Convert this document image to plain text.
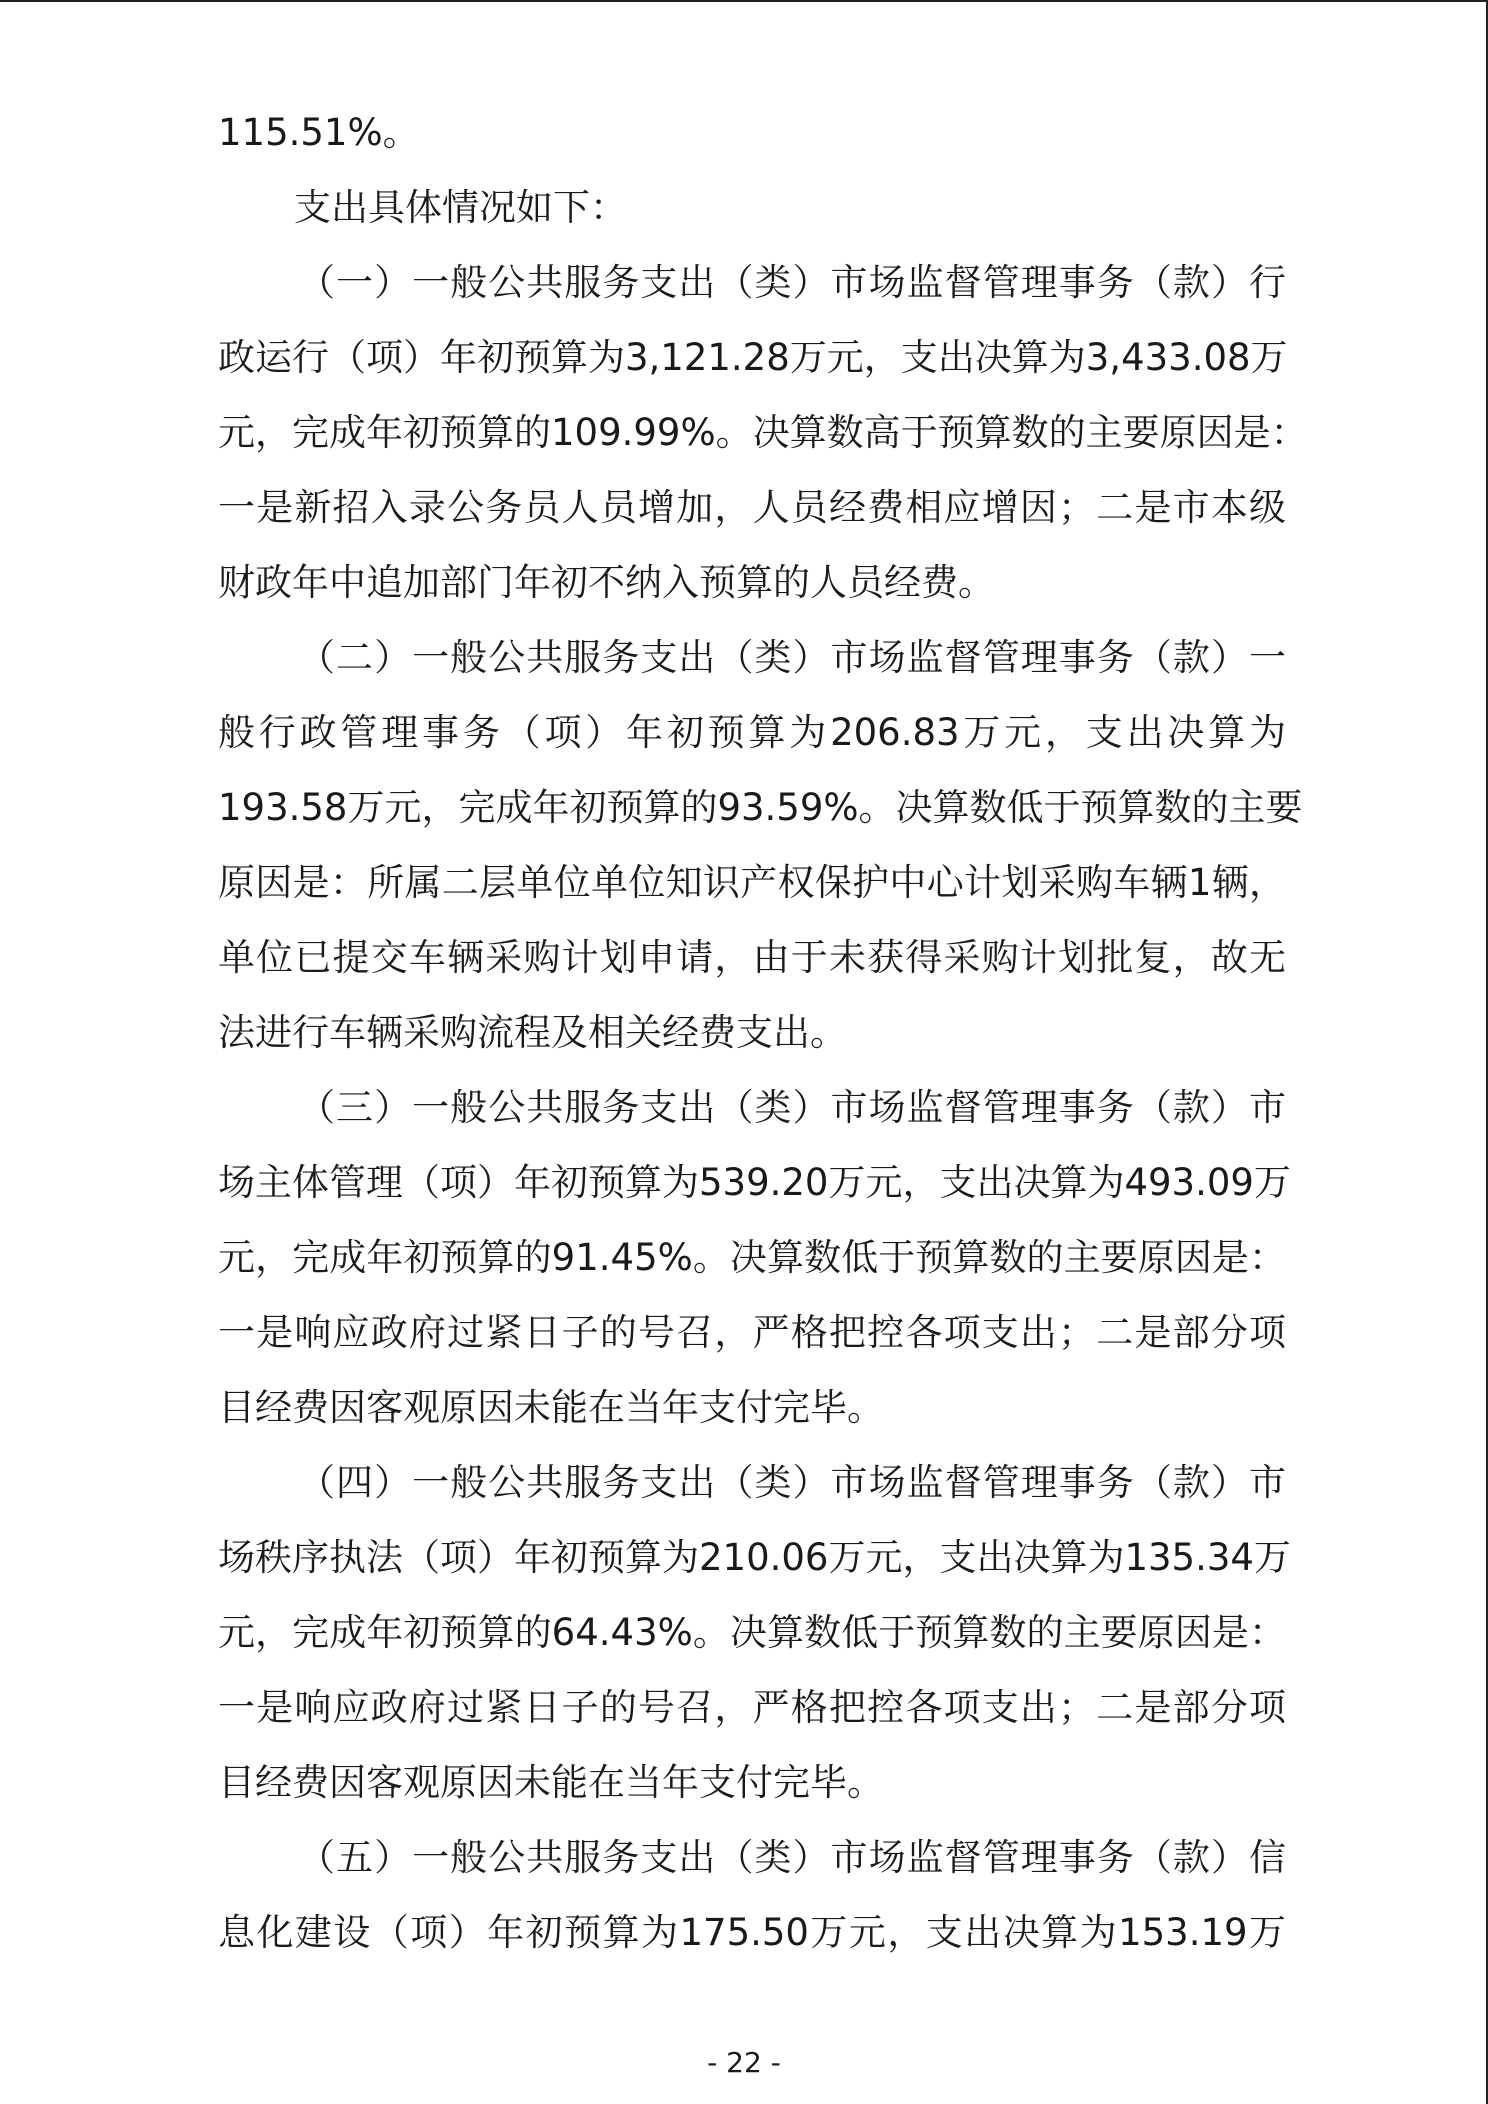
115.51%。
支出具体情况如下：
（一）一般公共服务支出（类）市场监督管理事务（款）行
政运行（项）年初预算为3,121.28万元，支出决算为3,433.08万
元，完成年初预算的109.99%。决算数高于预算数的主要原因是：
一是新招入录公务员人员增加，人员经费相应增因；二是市本级
财政年中追加部门年初不纳入预算的人员经费。
（二）一般公共服务支出（类）市场监督管理事务（款）一
般行政管理事务（项）年初预算为206.83万元，支出决算为
193.58万元，完成年初预算的93.59%。决算数低于预算数的主要
原因是：所属二层单位单位知识产权保护中心计划采购车辆1辆，
单位已提交车辆采购计划申请，由于未获得采购计划批复，故无
法进行车辆采购流程及相关经费支出。
（三）一般公共服务支出（类）市场监督管理事务（款）市
场主体管理（项）年初预算为539.20万元，支出决算为493.09万
元，完成年初预算的91.45%。决算数低于预算数的主要原因是：
一是响应政府过紧日子的号召，严格把控各项支出；二是部分项
目经费因客观原因未能在当年支付完毕。
（四）一般公共服务支出（类）市场监督管理事务（款）市
场秩序执法（项）年初预算为210.06万元，支出决算为135.34万
元，完成年初预算的64.43%。决算数低于预算数的主要原因是：
一是响应政府过紧日子的号召，严格把控各项支出；二是部分项
目经费因客观原因未能在当年支付完毕。
（五）一般公共服务支出（类）市场监督管理事务（款）信
息化建设（项）年初预算为175.50万元，支出决算为153.19万
- 22 -
